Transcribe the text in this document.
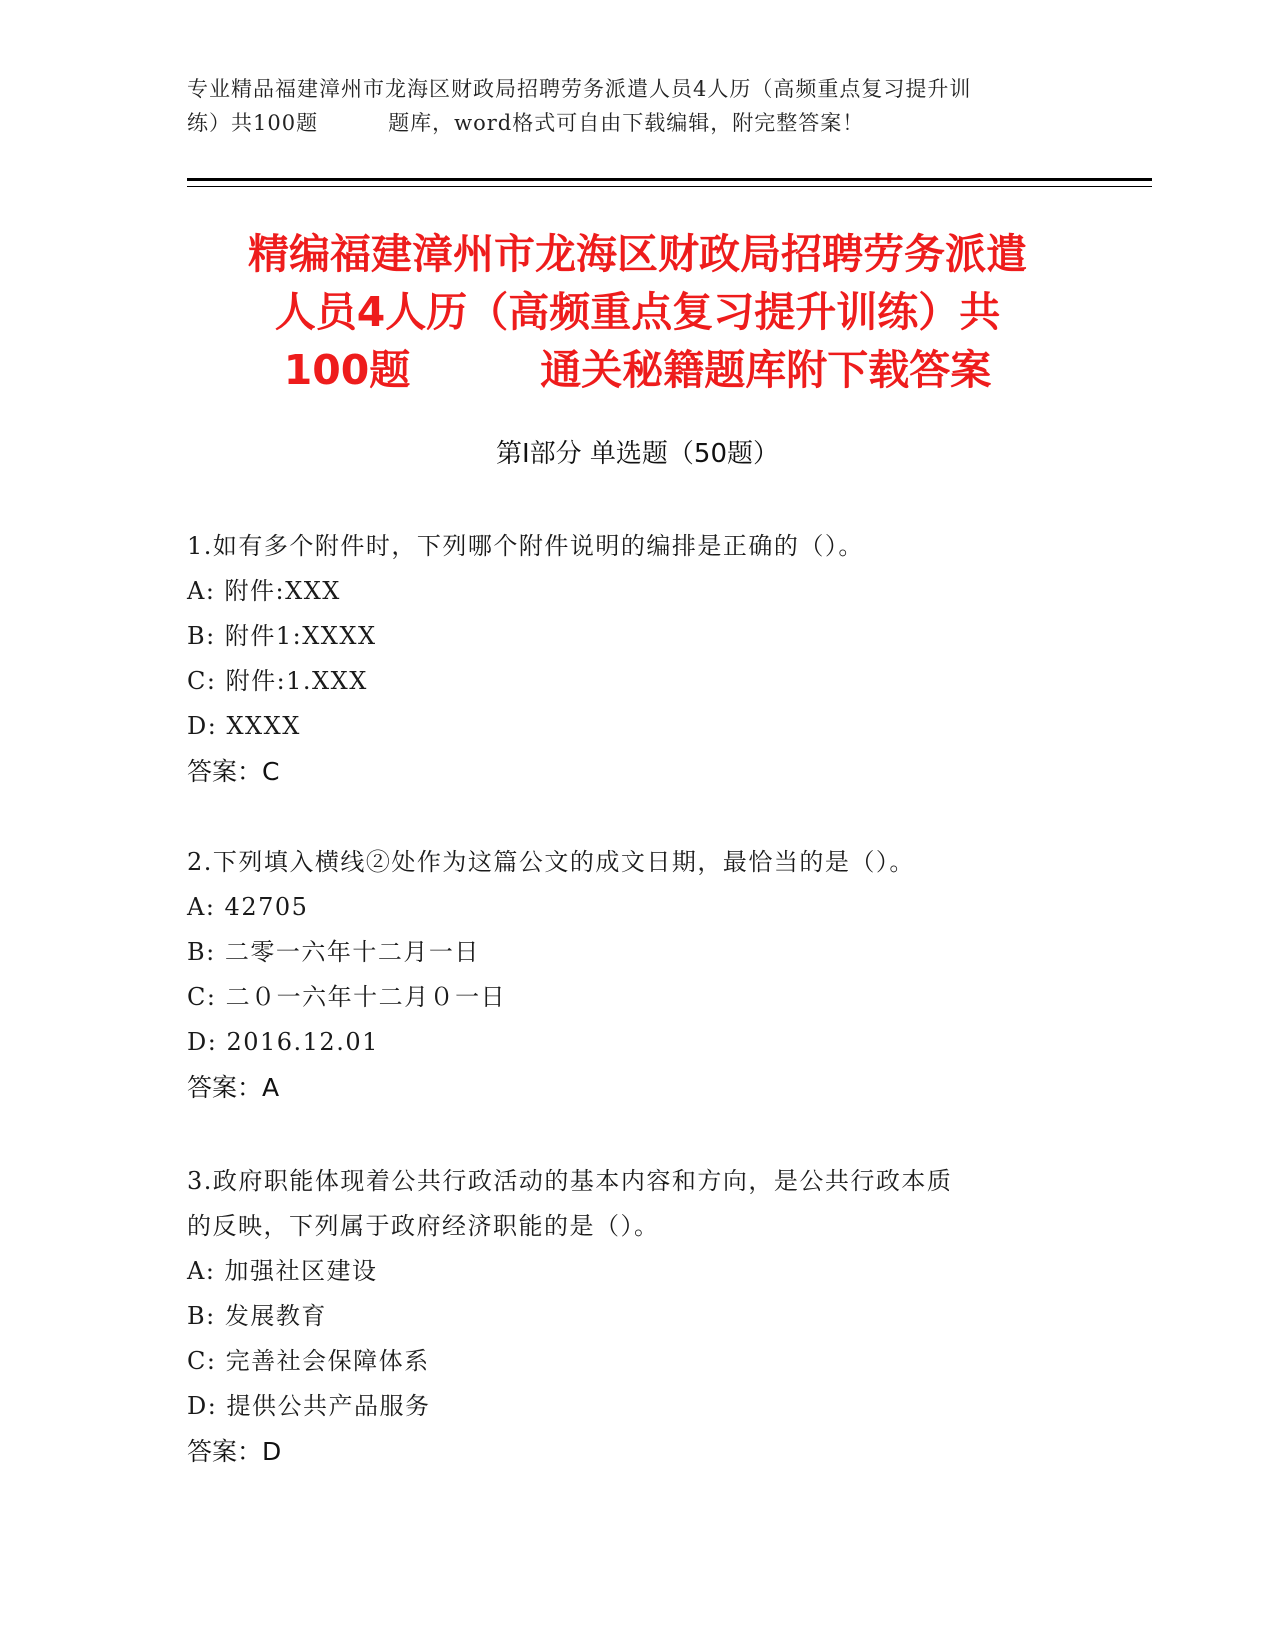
专业精品福建漳州市龙海区财政局招聘劳务派遣人员4人历（高频重点复习提升训
练）共100题	题库，word格式可自由下载编辑，附完整答案！
精编福建漳州市龙海区财政局招聘劳务派遣
人员4人历（高频重点复习提升训练）共
100题	通关秘籍题库附下载答案
第Ⅰ部分 单选题（50题）
1.如有多个附件时，下列哪个附件说明的编排是正确的（）。
A: 附件:XXX
B: 附件1:XXXX
C: 附件:1.XXX
D: XXXX
答案：C
2.下列填入横线②处作为这篇公文的成文日期，最恰当的是（）。
A: 42705
B: 二零一六年十二月一日
C: 二０一六年十二月０一日
D: 2016.12.01
答案：A
3.政府职能体现着公共行政活动的基本内容和方向，是公共行政本质
的反映，下列属于政府经济职能的是（）。
A: 加强社区建设
B: 发展教育
C: 完善社会保障体系
D: 提供公共产品服务
答案：D
